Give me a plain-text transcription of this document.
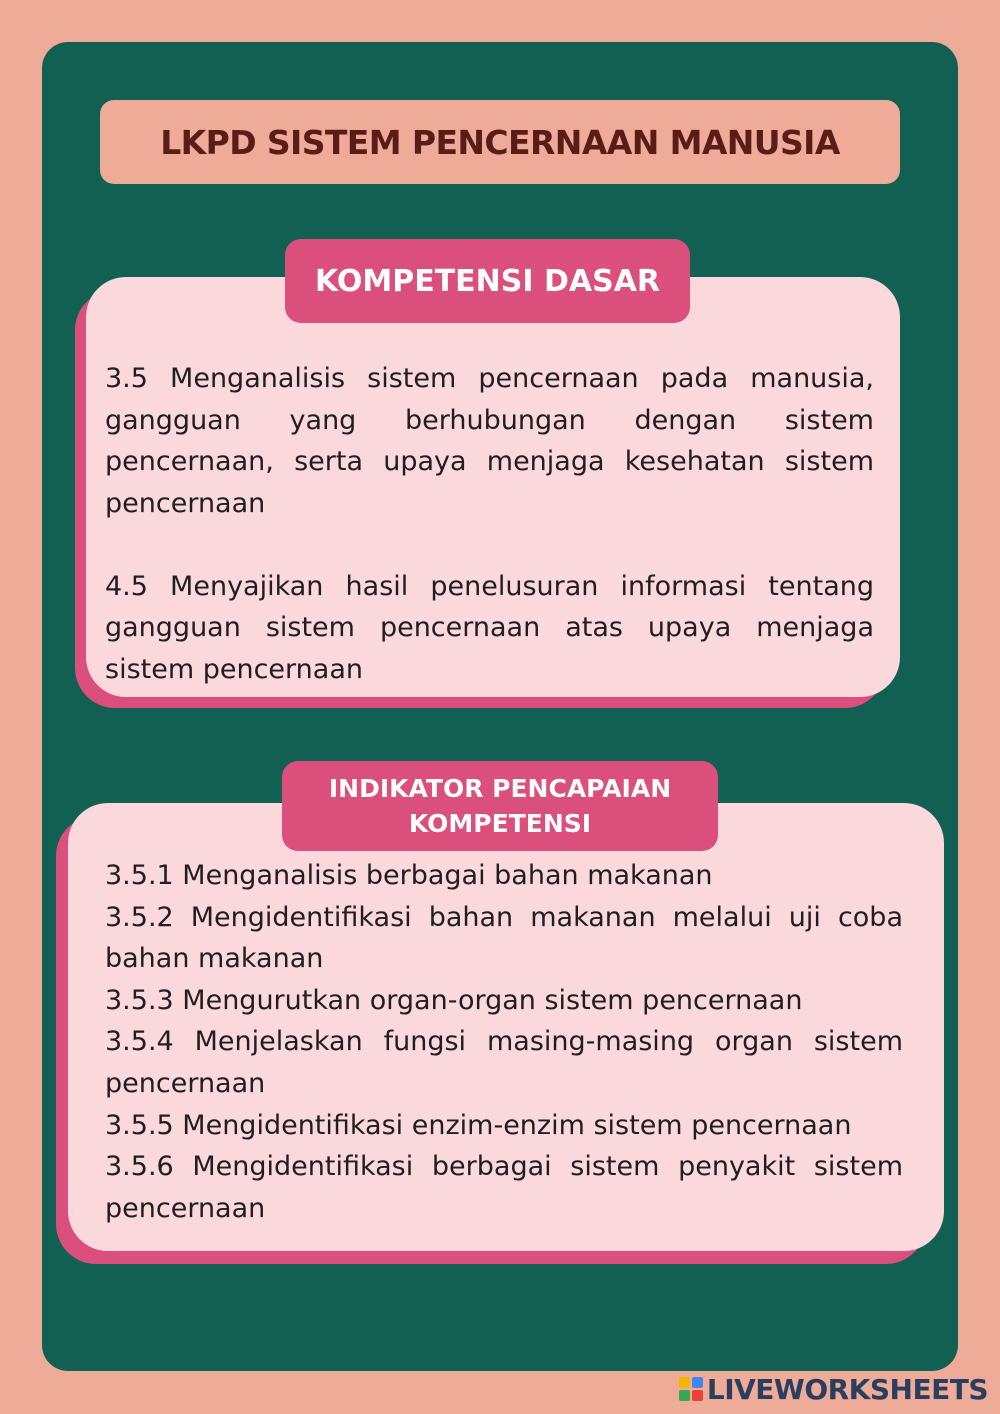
LKPD SISTEM PENCERNAAN MANUSIA
KOMPETENSI DASAR

3.5 Menganalisis sistem pencernaan pada manusia, gangguan yang berhubungan dengan sistem pencernaan, serta upaya menjaga kesehatan sistem pencernaan

4.5 Menyajikan hasil penelusuran informasi tentang gangguan sistem pencernaan atas upaya menjaga sistem pencernaan

INDIKATOR PENCAPAIAN
KOMPETENSI
3.5.1 Menganalisis berbagai bahan makanan
3.5.2 Mengidentifikasi bahan makanan melalui uji coba bahan makanan
3.5.3 Mengurutkan organ-organ sistem pencernaan
3.5.4 Menjelaskan fungsi masing-masing organ sistem pencernaan
3.5.5 Mengidentifikasi enzim-enzim sistem pencernaan
3.5.6 Mengidentifikasi berbagai sistem penyakit sistem pencernaan
LIVEWORKSHEETS
